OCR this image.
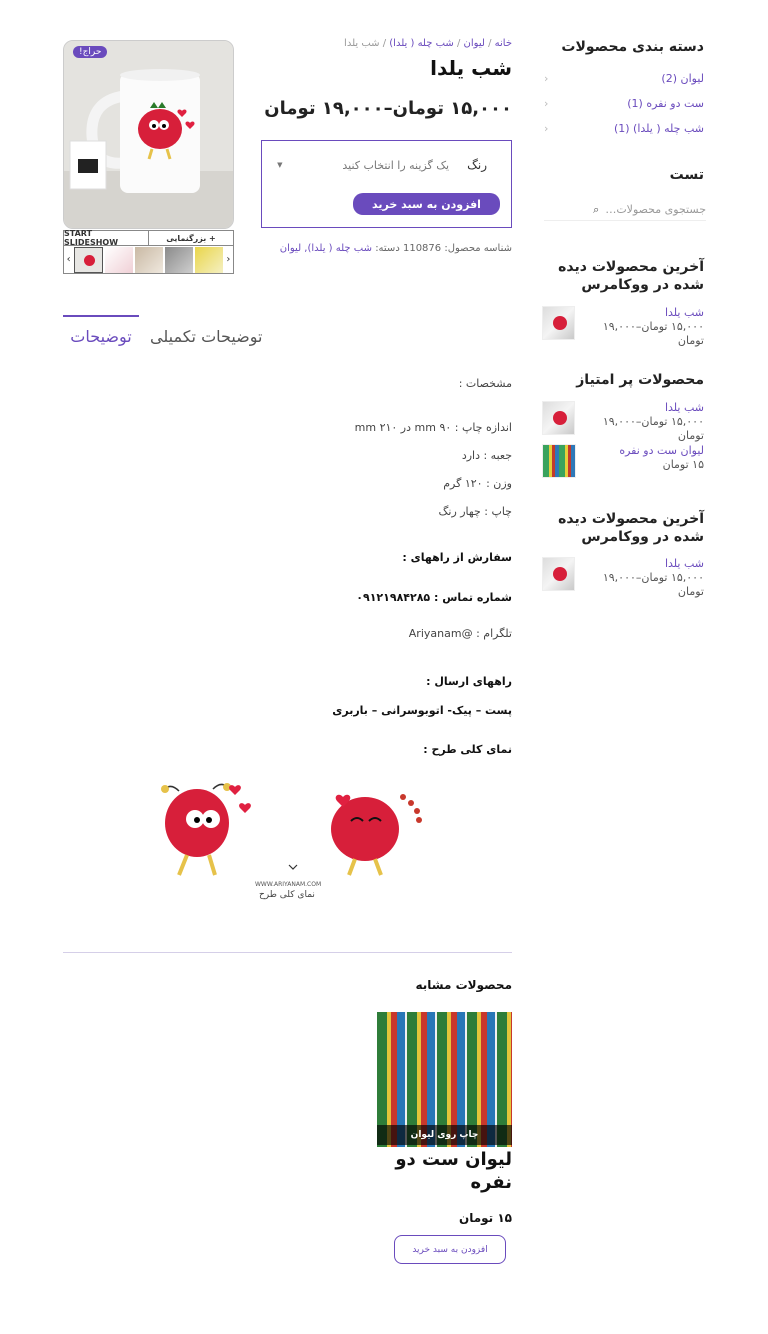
دسته بندی محصولات
لیوان (2)
‹
ست دو نفره (1)
‹
شب چله ( یلدا) (1)
‹
تست
جستجوی محصولات…
⌕
آخرین محصولات دیده شده در ووکامرس
شب یلدا
۱۵,۰۰۰ تومان–۱۹,۰۰۰ تومان
محصولات پر امتیاز
شب یلدا
۱۵,۰۰۰ تومان–۱۹,۰۰۰ تومان
لیوان ست دو نفره
۱۵ تومان
آخرین محصولات دیده شده در ووکامرس
شب یلدا
۱۵,۰۰۰ تومان–۱۹,۰۰۰ تومان
خانه / لیوان / شب چله ( یلدا) / شب یلدا
شب یلدا
۱۵,۰۰۰ تومان–۱۹,۰۰۰ تومان
رنگ
یک گزینه را انتخاب کنید
▼
افزودن به سبد خرید
شناسه محصول: 110876 دسته: شب چله ( یلدا), لیوان
حراج!
START SLIDESHOW	بزرگنمایی +
‹	›
توضیحات	توضیحات تکمیلی
مشخصات :
اندازه چاپ : mm ۹۰ در mm ۲۱۰
جعبه : دارد
وزن : ۱۲۰ گرم
چاپ : چهار رنگ
سفارش از راههای :
شماره تماس : ۰۹۱۲۱۹۸۴۲۸۵
تلگرام : @Ariyanam
راههای ارسال :
پست – پیک- اتوبوسرانی – باربری
نمای کلی طرح :
WWW.ARIYANAM.COM
نمای کلی طرح
محصولات مشابه
چاپ روی لیوان
لیوان ست دو نفره
۱۵ تومان
افزودن به سبد خرید
